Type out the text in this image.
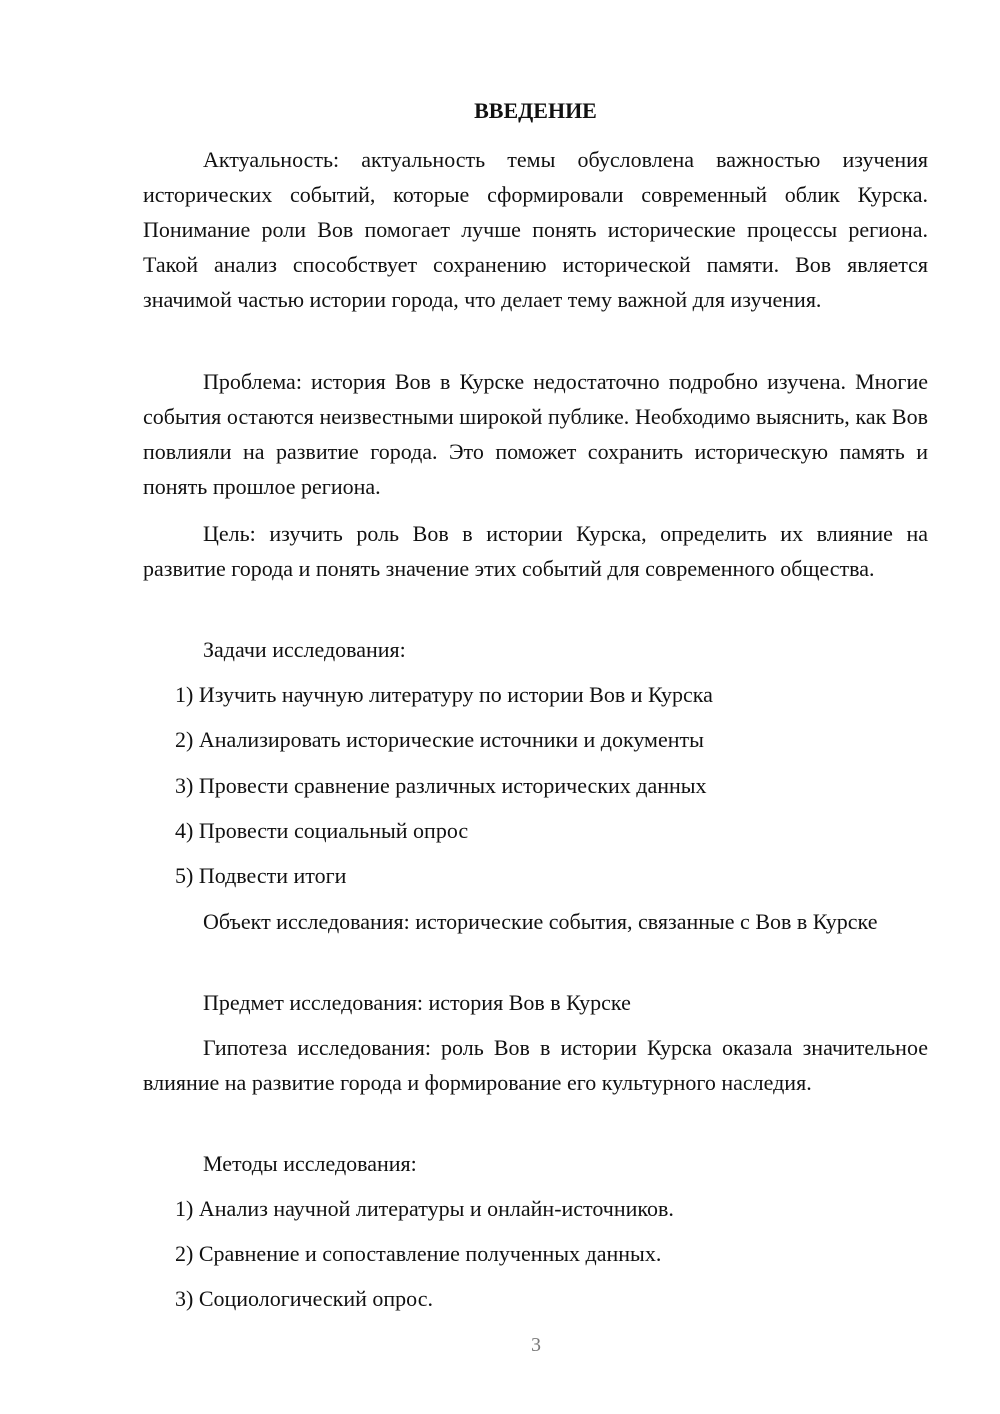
ВВЕДЕНИЕ

Актуальность: актуальность темы обусловлена важностью изучения исторических событий, которые сформировали современный облик Курска. Понимание роли Вов помогает лучше понять исторические процессы региона. Такой анализ способствует сохранению исторической памяти. Вов является значимой частью истории города, что делает тему важной для изучения.

Проблема: история Вов в Курске недостаточно подробно изучена. Многие события остаются неизвестными широкой публике. Необходимо выяснить, как Вов повлияли на развитие города. Это поможет сохранить историческую память и понять прошлое региона.

Цель: изучить роль Вов в истории Курска, определить их влияние на развитие города и понять значение этих событий для современного общества.

Задачи исследования:

1) Изучить научную литературу по истории Вов и Курска

2) Анализировать исторические источники и документы

3) Провести сравнение различных исторических данных

4) Провести социальный опрос

5) Подвести итоги

Объект исследования: исторические события, связанные с Вов в Курске

Предмет исследования: история Вов в Курске

Гипотеза исследования: роль Вов в истории Курска оказала значительное влияние на развитие города и формирование его культурного наследия.

Методы исследования:

1) Анализ научной литературы и онлайн-источников.

2) Сравнение и сопоставление полученных данных.

3) Социологический опрос.

3
